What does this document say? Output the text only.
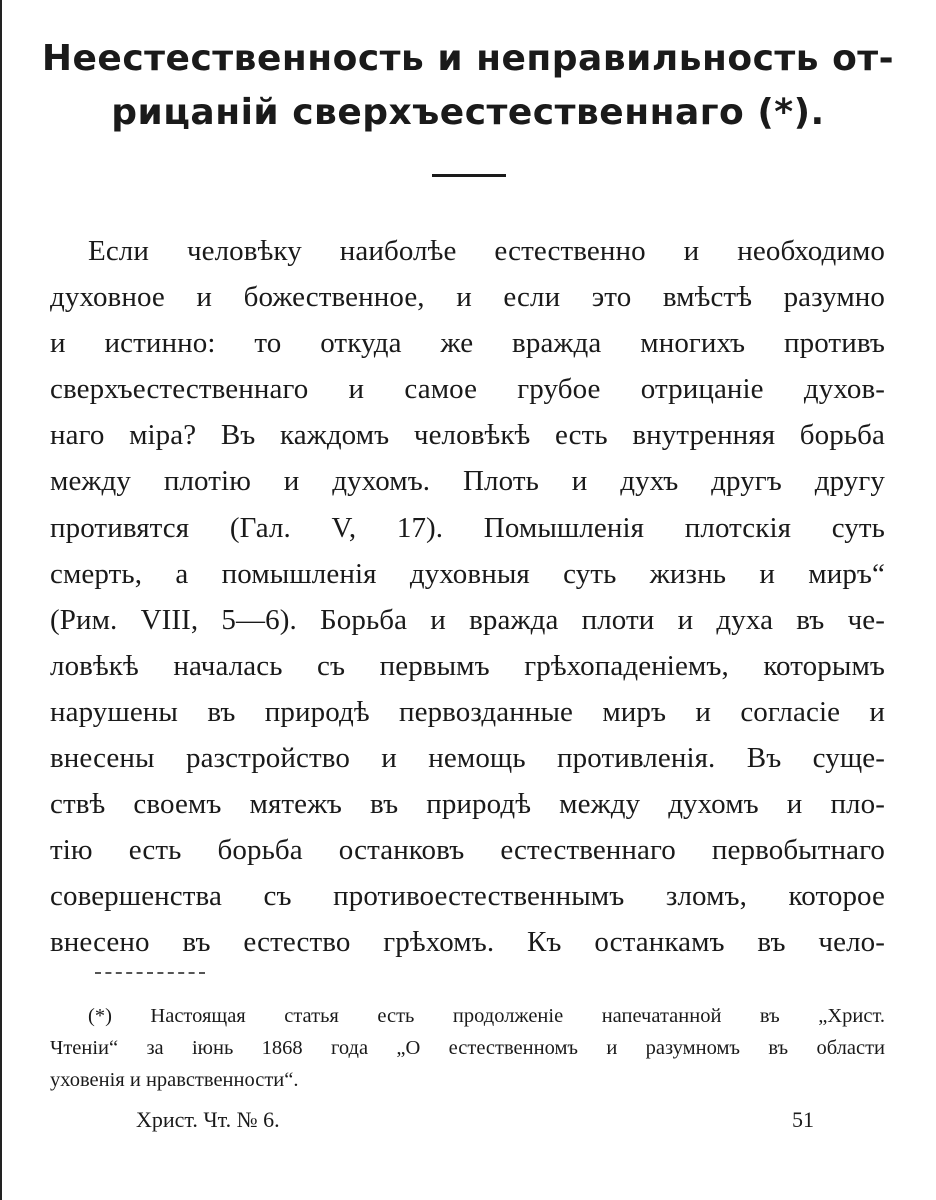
Неестественность и неправильность от-
рицаній сверхъестественнаго (*).
Если человѣку наиболѣе естественно и необходимо
духовное и божественное, и если это вмѣстѣ разумно
и истинно: то откуда же вражда многихъ противъ
сверхъестественнаго и самое грубое отрицаніе духов-
наго міра? Въ каждомъ человѣкѣ есть внутренняя борьба
между плотію и духомъ. Плоть и духъ другъ другу
противятся (Гал. V, 17). Помышленія плотскія суть
смерть, а помышленія духовныя суть жизнь и миръ“
(Рим. VIII, 5—6). Борьба и вражда плоти и духа въ че-
ловѣкѣ началась съ первымъ грѣхопаденіемъ, которымъ
нарушены въ природѣ первозданные миръ и согласіе и
внесены разстройство и немощь противленія. Въ суще-
ствѣ своемъ мятежъ въ природѣ между духомъ и пло-
тію есть борьба останковъ естественнаго первобытнаго
совершенства съ противоестественнымъ зломъ, которое
внесено въ естество грѣхомъ. Къ останкамъ въ чело-
(*) Настоящая статья есть продолженіе напечатанной въ „Христ.
Чтеніи“ за іюнь 1868 года „О естественномъ и разумномъ въ области
уховенія и нравственности“.
Христ. Чт. № 6.	51
